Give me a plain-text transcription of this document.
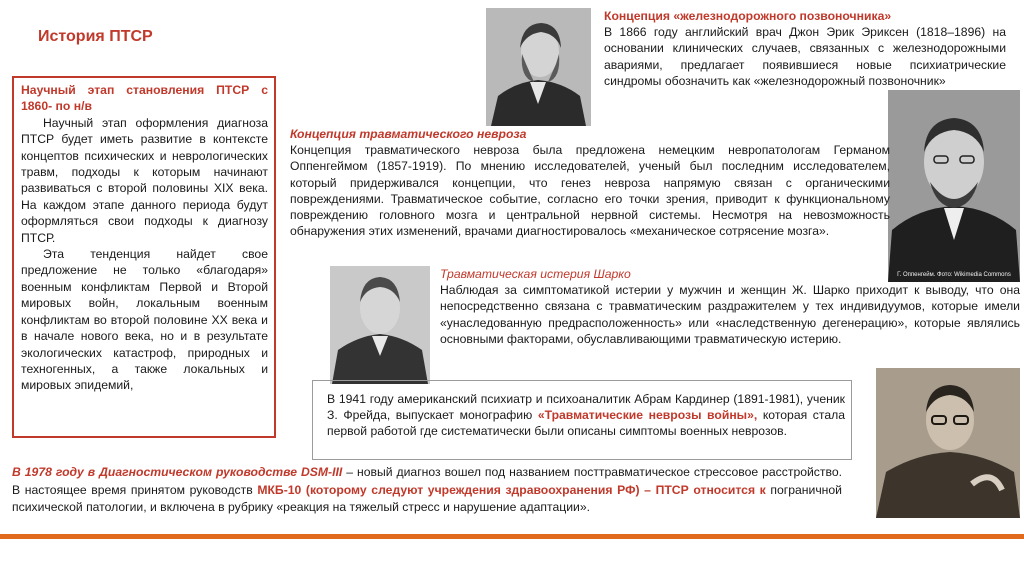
История ПТСР
Научный этап становления ПТСР с 1860- по н/в

Научный этап оформления диагноза ПТСР будет иметь развитие в контексте концептов психических и неврологических травм, подходы к которым начинают развиваться с второй половины XIX века. На каждом этапе данного периода будут оформляться свои подходы к диагнозу ПТСР.

Эта тенденция найдет свое предложение не только «благодаря» военным конфликтам Первой и Второй мировых войн, локальным военным конфликтам во второй половине XX века и в начале нового века, но и в результате экологических катастроф, природных и техногенных, а также локальных и мировых эпидемий,

Г. Оппенгейм. Фото: Wikimedia Commons
Концепция «железнодорожного позвоночника»
В 1866 году английский врач Джон Эрик Эриксен (1818–1896) на основании клинических случаев, связанных с железнодорожными авариями, предлагает появившиеся новые психиатрические синдромы обозначить как «железнодорожный позвоночник»
Концепция травматического невроза
Концепция травматического невроза была предложена немецким невропатологам Германом Оппенгеймом (1857-1919). По мнению исследователей, ученый был последним исследователем, который придерживался концепции, что генез невроза напрямую связан с органическими повреждениями. Травматическое событие, согласно его точки зрения, приводит к функциональному повреждению головного мозга и центральной нервной системы. Несмотря на невозможность обнаружения этих изменений, врачами диагностировалось «механическое сотрясение мозга».
Травматическая истерия Шарко
Наблюдая за симптоматикой истерии у мужчин и женщин Ж. Шарко приходит к выводу, что она непосредственно связана с травматическим раздражителем у тех индивидуумов, которые имели «унаследованную предрасположенность» или «наследственную дегенерацию», которые являлись основными факторами, обуславливающими травматическую истерию.
В 1941 году американский психиатр и психоаналитик Абрам Кардинер (1891-1981), ученик З. Фрейда, выпускает монографию «Травматические неврозы войны», которая стала первой работой где систематически были описаны симптомы военных неврозов.
В 1978 году в Диагностическом руководстве DSM-III – новый диагноз вошел под названием посттравматическое стрессовое расстройство. В настоящее время принятом руководств МКБ-10 (которому следуют учреждения здравоохранения РФ) – ПТСР относится к пограничной психической патологии, и включена в рубрику «реакция на тяжелый стресс и нарушение адаптации».
